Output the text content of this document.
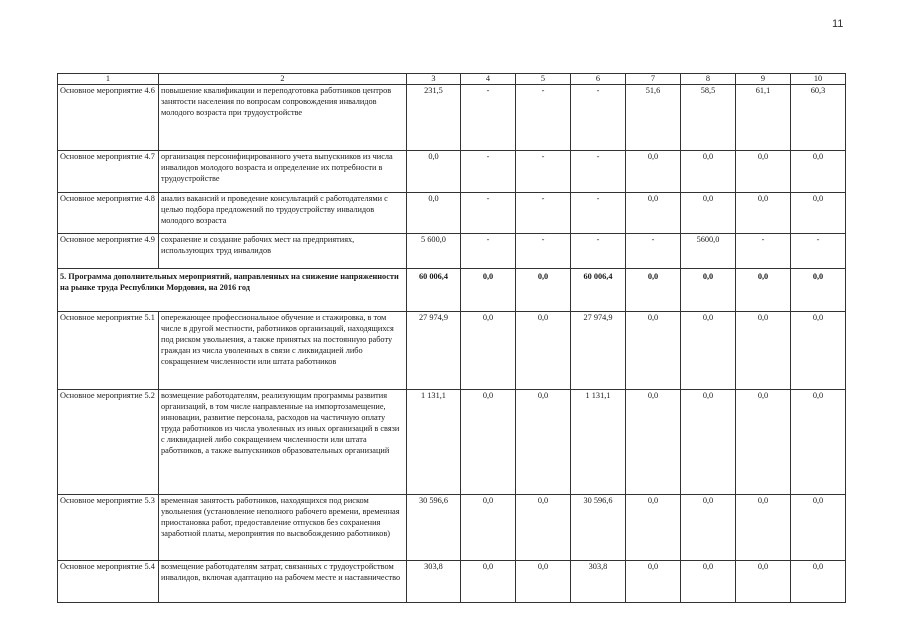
11
1	2	3	4	5	6	7	8	9	10
Основное мероприятие 4.6	повышение квалификации и переподготовка работников центров занятости населения по вопросам сопровождения инвалидов молодого возраста при трудоустройстве	231,5	-	-	-	51,6	58,5	61,1	60,3
Основное мероприятие 4.7	организация персонифицированного учета выпускников из числа инвалидов молодого возраста и определение их потребности в трудоустройстве	0,0	-	-	-	0,0	0,0	0,0	0,0
Основное мероприятие 4.8	анализ вакансий и проведение консультаций с работодателями с целью подбора предложений по трудоустройству инвалидов молодого возраста	0,0	-	-	-	0,0	0,0	0,0	0,0
Основное мероприятие 4.9	сохранение и создание рабочих мест на предприятиях, использующих труд инвалидов	5 600,0	-	-	-	-	5600,0	-	-
5. Программа дополнительных мероприятий, направленных на снижение напряженности на рынке труда Республики Мордовия, на 2016 год		60 006,4	0,0	0,0	60 006,4	0,0	0,0	0,0	0,0
Основное мероприятие 5.1	опережающее профессиональное обучение и стажировка, в том числе в другой местности, работников организаций, находящихся под риском увольнения, а также принятых на постоянную работу граждан из числа уволенных в связи с ликвидацией либо сокращением численности или штата работников	27 974,9	0,0	0,0	27 974,9	0,0	0,0	0,0	0,0
Основное мероприятие 5.2	возмещение работодателям, реализующим программы развития организаций, в том числе направленные на импортозамещение, инновации, развитие персонала, расходов на частичную оплату труда работников из числа уволенных из иных организаций в связи с ликвидацией либо сокращением численности или штата работников, а также выпускников образовательных организаций	1 131,1	0,0	0,0	1 131,1	0,0	0,0	0,0	0,0
Основное мероприятие 5.3	временная занятость работников, находящихся под риском увольнения (установление неполного рабочего времени, временная приостановка работ, предоставление отпусков без сохранения заработной платы, мероприятия по высвобождению работников)	30 596,6	0,0	0,0	30 596,6	0,0	0,0	0,0	0,0
Основное мероприятие 5.4	возмещение работодателям затрат, связанных с трудоустройством инвалидов, включая адаптацию на рабочем месте и наставничество	303,8	0,0	0,0	303,8	0,0	0,0	0,0	0,0
